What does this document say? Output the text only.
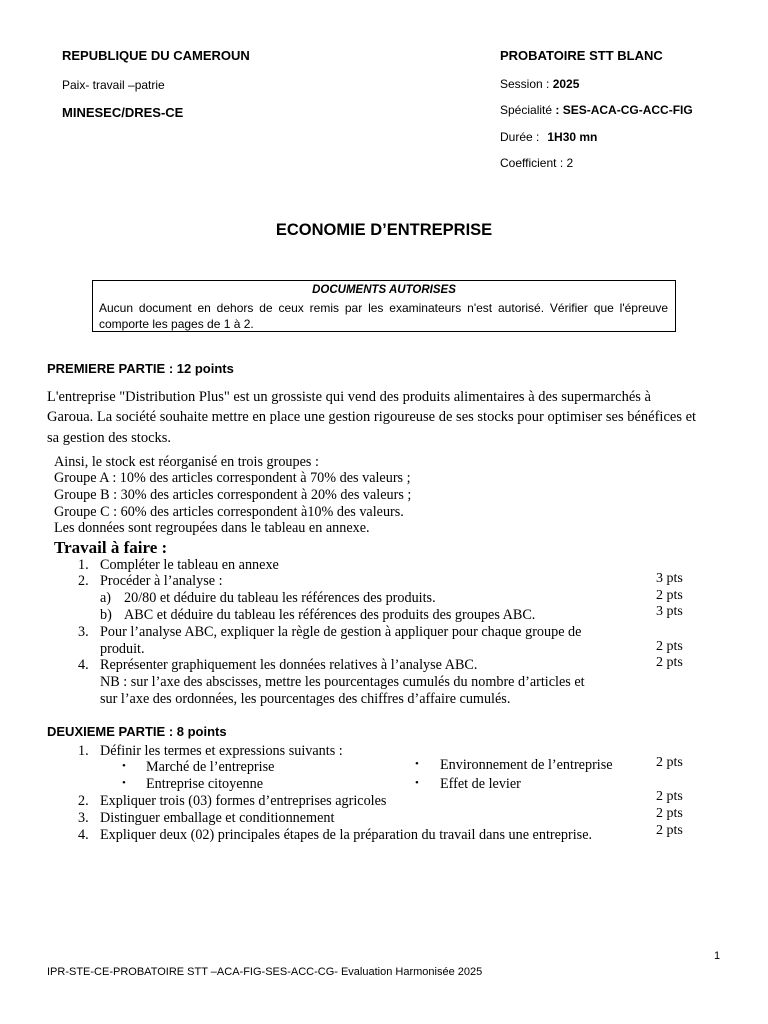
REPUBLIQUE DU CAMEROUN
Paix- travail –patrie
MINESEC/DRES-CE
PROBATOIRE STT BLANC
Session : 2025
Spécialité : SES-ACA-CG-ACC-FIG
Durée : 1H30 mn
Coefficient : 2
ECONOMIE D’ENTREPRISE
DOCUMENTS AUTORISES
Aucun document en dehors de ceux remis par les examinateurs n'est autorisé. Vérifier que l'épreuve comporte les pages de 1 à 2.
PREMIERE PARTIE : 12 points
L'entreprise "Distribution Plus" est un grossiste qui vend des produits alimentaires à des supermarchés à Garoua. La société souhaite mettre en place une gestion rigoureuse de ses stocks pour optimiser ses bénéfices et sa gestion des stocks.
Ainsi, le stock est réorganisé en trois groupes :
Groupe A : 10% des articles correspondent à 70% des valeurs ;
Groupe B : 30% des articles correspondent à 20% des valeurs ;
Groupe C : 60% des articles correspondent à10% des valeurs.
Les données sont regroupées dans le tableau en annexe.
Travail à faire :
1. Compléter le tableau en annexe
2. Procéder à l’analyse :
a) 20/80 et déduire du tableau les références des produits.
b) ABC et déduire du tableau les références des produits des groupes ABC.
3. Pour l’analyse ABC, expliquer la règle de gestion à appliquer pour chaque groupe de
produit.
4. Représenter graphiquement les données relatives à l’analyse ABC.
NB : sur l’axe des abscisses, mettre les pourcentages cumulés du nombre d’articles et
sur l’axe des ordonnées, les pourcentages des chiffres d’affaire cumulés.
3 pts
2 pts
3 pts
2 pts
2 pts
DEUXIEME PARTIE : 8 points
1. Définir les termes et expressions suivants :
• Marché de l’entreprise
• Entreprise citoyenne
• Environnement de l’entreprise
• Effet de levier
2. Expliquer trois (03) formes d’entreprises agricoles
3. Distinguer emballage et conditionnement
4. Expliquer deux (02) principales étapes de la préparation du travail dans une entreprise.
2 pts
2 pts
2 pts
2 pts
1
IPR-STE-CE-PROBATOIRE STT –ACA-FIG-SES-ACC-CG- Evaluation Harmonisée 2025
